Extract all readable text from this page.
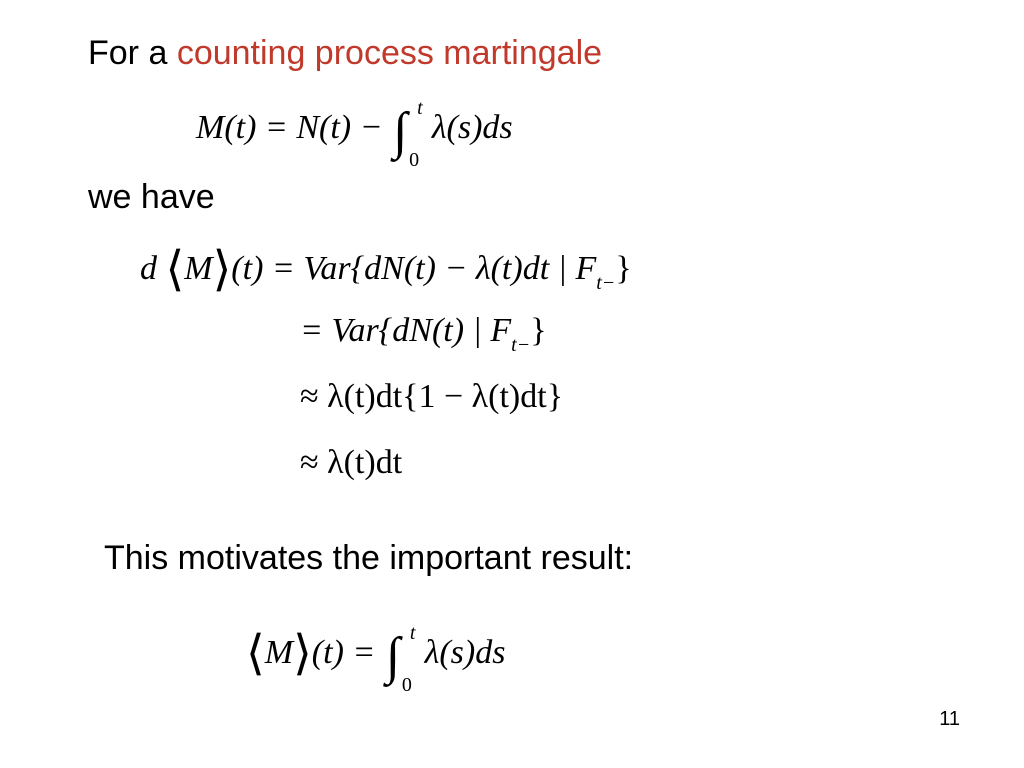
For a counting process martingale
M(t) = N(t) − ∫ t
0
λ(s)ds
we have
d ⟨M⟩(t) = Var{dN(t) − λ(t)dt | $F_{t-}$}
= Var{dN(t) | $F_{t-}$}
≈ λ(t)dt{1 − λ(t)dt}
≈ λ(t)dt
This motivates the important result:
⟨M⟩(t) = ∫ t
0
λ(s)ds
11
